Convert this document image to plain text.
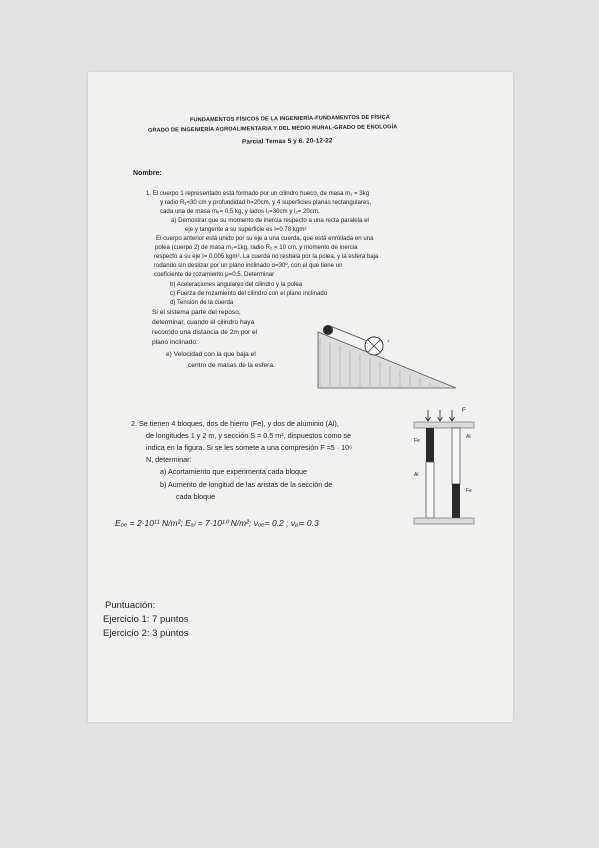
FUNDAMENTOS FÍSICOS DE LA INGENIERÍA-FUNDAMENTOS DE FÍSICA
GRADO DE INGENIERÍA AGROALIMENTARIA Y DEL MEDIO RURAL-GRADO DE ENOLOGÍA
Parcial Temas 5 y 6. 20-12-22
Nombre:
1. El cuerpo 1 representado está formado por un cilindro hueco, de masa m₁ = 3kg
y radio R₁=30 cm y profundidad h=20cm, y 4 superficies planas rectangulares,
cada una de masa mₚ= 0.5 kg, y lados l₁=30cm y l₂= 20cm.
a) Demostrar que su momento de inercia respecto a una recta paralela el
eje y tangente a su superficie es I=0.78 kgm²
El cuerpo anterior está unido por su eje a una cuerda, que está enrollada en una
polea (cuerpo 2) de masa m₂=1kg, radio R₂ = 10 cm, y momento de inercia
respecto a su eje I= 0.005 kgm². La cuerda no resbala por la polea, y la esfera baja
rodando sin deslizar por un plano inclinado α=30º, con el que tiene un
coeficiente de rozamiento μ=0.5. Determinar
b) Aceleraciones angulares del cilindro y la polea
c) Fuerza de rozamiento del cilindro con el plano inclinado
d) Tensión de la cuerda
Si el sistema parte del reposo,
determinar, cuando el cilindro haya
recorrido una distancia de 2m por el
plano inclinado:
e) Velocidad con la que baja el
centro de masas de la esfera.
2
1
2. Se tienen 4 bloques, dos de hierro (Fe), y dos de aluminio (Al),
de longitudes 1 y 2 m, y sección S = 0.5 m², dispuestos como se
indica en la figura. Si se les somete a una compresión F =5 · 10⁶
N, determinar:
a) Acortamiento que experimenta cada bloque
b) Aumento de longitud de las aristas de la sección de
cada bloque
Eₒₑ = 2·10¹¹ N/m²; Eₐₗ = 7·10¹⁰ N/m²; νₒₑ= 0.2 ; νₐₗ= 0.3
F
Fe
Al
Al
Fe
Puntuación:
Ejercicio 1: 7 puntos
Ejercicio 2: 3 puntos
